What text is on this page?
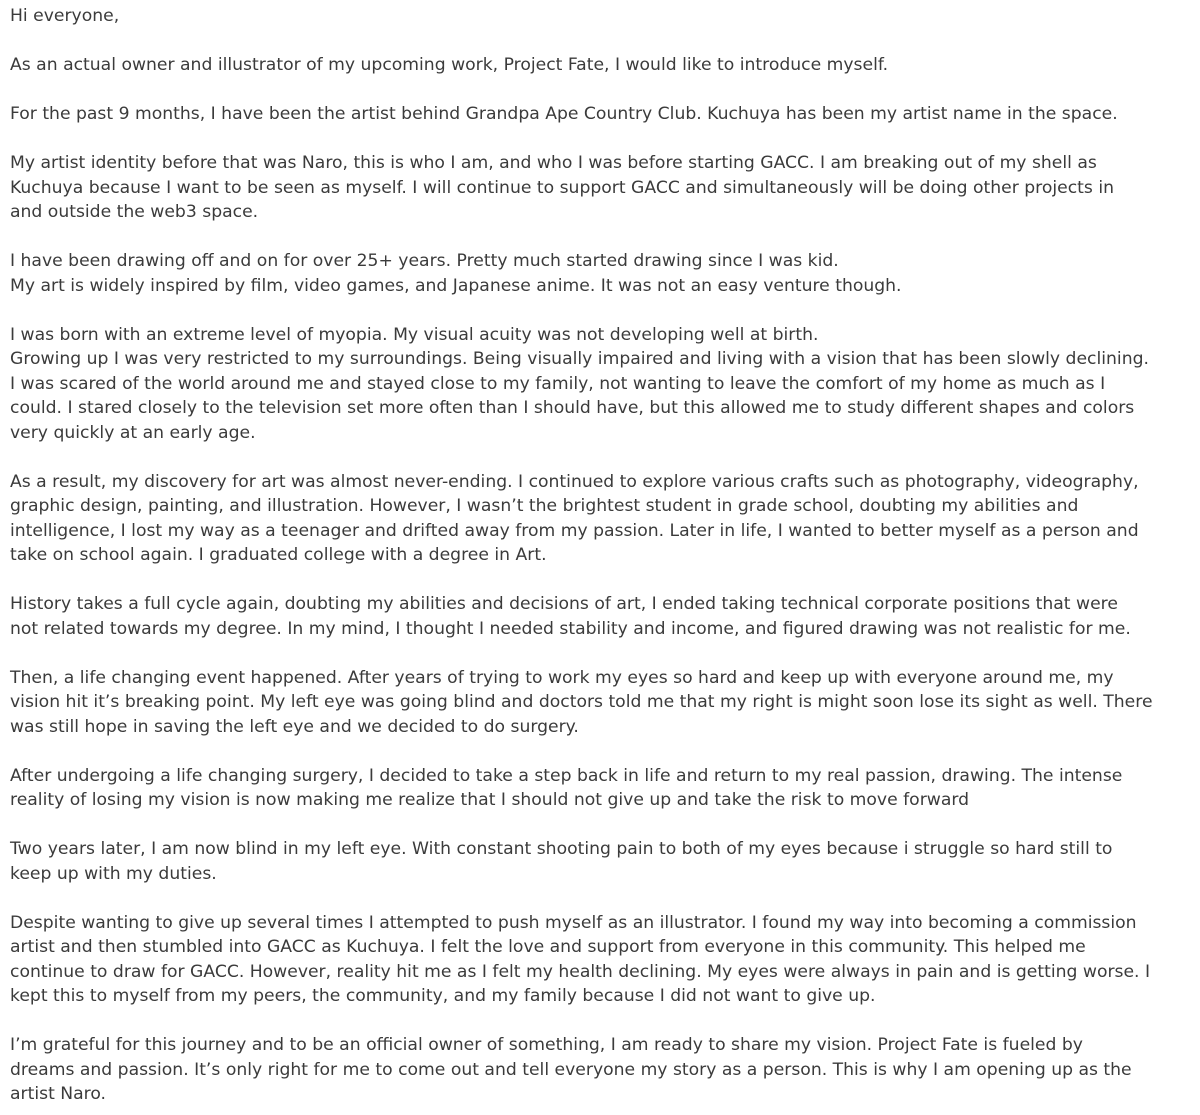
Hi everyone,

As an actual owner and illustrator of my upcoming work, Project Fate, I would like to introduce myself.

For the past 9 months, I have been the artist behind Grandpa Ape Country Club. Kuchuya has been my artist name in the space.

My artist identity before that was Naro, this is who I am, and who I was before starting GACC. I am breaking out of my shell as
Kuchuya because I want to be seen as myself. I will continue to support GACC and simultaneously will be doing other projects in
and outside the web3 space.

I have been drawing off and on for over 25+ years. Pretty much started drawing since I was kid.
My art is widely inspired by film, video games, and Japanese anime. It was not an easy venture though.

I was born with an extreme level of myopia. My visual acuity was not developing well at birth.
Growing up I was very restricted to my surroundings. Being visually impaired and living with a vision that has been slowly declining.
I was scared of the world around me and stayed close to my family, not wanting to leave the comfort of my home as much as I
could. I stared closely to the television set more often than I should have, but this allowed me to study different shapes and colors
very quickly at an early age.

As a result, my discovery for art was almost never-ending. I continued to explore various crafts such as photography, videography,
graphic design, painting, and illustration. However, I wasn’t the brightest student in grade school, doubting my abilities and
intelligence, I lost my way as a teenager and drifted away from my passion. Later in life, I wanted to better myself as a person and
take on school again. I graduated college with a degree in Art.

History takes a full cycle again, doubting my abilities and decisions of art, I ended taking technical corporate positions that were
not related towards my degree. In my mind, I thought I needed stability and income, and figured drawing was not realistic for me.

Then, a life changing event happened. After years of trying to work my eyes so hard and keep up with everyone around me, my
vision hit it’s breaking point. My left eye was going blind and doctors told me that my right is might soon lose its sight as well. There
was still hope in saving the left eye and we decided to do surgery.

After undergoing a life changing surgery, I decided to take a step back in life and return to my real passion, drawing. The intense
reality of losing my vision is now making me realize that I should not give up and take the risk to move forward

Two years later, I am now blind in my left eye. With constant shooting pain to both of my eyes because i struggle so hard still to
keep up with my duties.

Despite wanting to give up several times I attempted to push myself as an illustrator. I found my way into becoming a commission
artist and then stumbled into GACC as Kuchuya. I felt the love and support from everyone in this community. This helped me
continue to draw for GACC. However, reality hit me as I felt my health declining. My eyes were always in pain and is getting worse. I
kept this to myself from my peers, the community, and my family because I did not want to give up.

I’m grateful for this journey and to be an official owner of something, I am ready to share my vision. Project Fate is fueled by
dreams and passion. It’s only right for me to come out and tell everyone my story as a person. This is why I am opening up as the
artist Naro.
